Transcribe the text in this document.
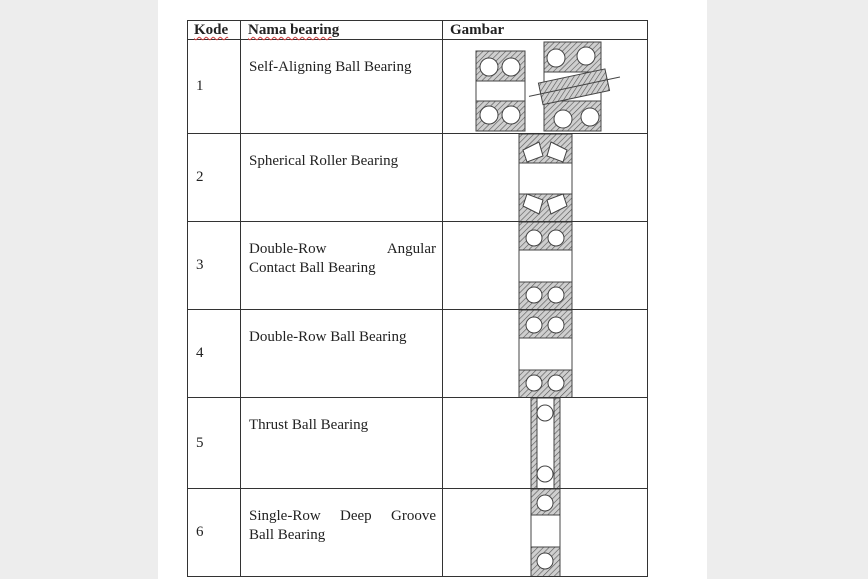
Kode	Nama bearing	Gambar
1	Self-Aligning Ball Bearing	

2	Spherical Roller Bearing	

3	Double-Row Angular
Contact Ball Bearing

4	Double-Row Ball Bearing	

5	Thrust Ball Bearing	

6	Single-Row Deep Groove
Ball Bearing
